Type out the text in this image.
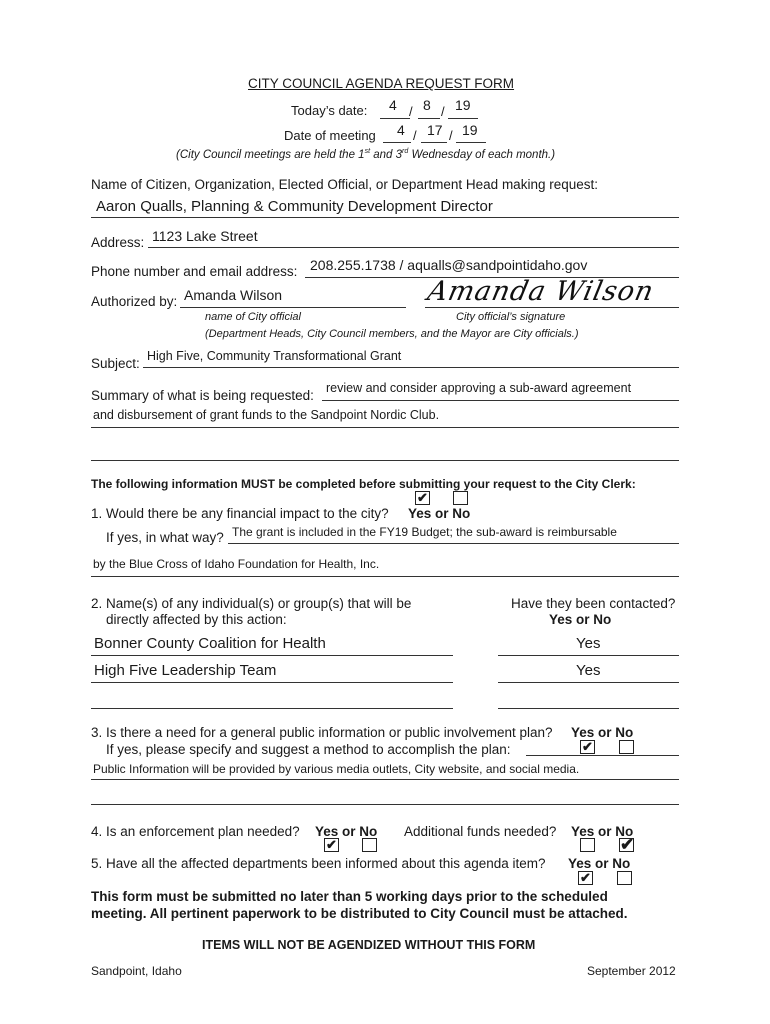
CITY COUNCIL AGENDA REQUEST FORM
Today’s date: 4 / 8 / 19
Date of meeting 4 / 17 / 19
(City Council meetings are held the 1st and 3rd Wednesday of each month.)
Name of Citizen, Organization, Elected Official, or Department Head making request:
Aaron Qualls, Planning & Community Development Director
Address: 1123 Lake Street
Phone number and email address: 208.255.1738 / aqualls@sandpointidaho.gov
Authorized by: Amanda Wilson	Amanda Wilson
name of City official	City official’s signature
(Department Heads, City Council members, and the Mayor are City officials.)
Subject: High Five, Community Transformational Grant
Summary of what is being requested: review and consider approving a sub-award agreement
and disbursement of grant funds to the Sandpoint Nordic Club.
The following information MUST be completed before submitting your request to the City Clerk:
✔
1. Would there be any financial impact to the city? Yes or No
If yes, in what way? The grant is included in the FY19 Budget; the sub-award is reimbursable
by the Blue Cross of Idaho Foundation for Health, Inc.
2. Name(s) of any individual(s) or group(s) that will be
directly affected by this action:
Have they been contacted?
Yes or No
Bonner County Coalition for Health	Yes
High Five Leadership Team	Yes
3. Is there a need for a general public information or public involvement plan? Yes or No
If yes, please specify and suggest a method to accomplish the plan:	✔
Public Information will be provided by various media outlets, City website, and social media.
4. Is an enforcement plan needed? Yes or No Additional funds needed? Yes or No
✔	✔
5. Have all the affected departments been informed about this agenda item? Yes or No
✔
This form must be submitted no later than 5 working days prior to the scheduled
meeting. All pertinent paperwork to be distributed to City Council must be attached.
ITEMS WILL NOT BE AGENDIZED WITHOUT THIS FORM
Sandpoint, Idaho	September 2012
